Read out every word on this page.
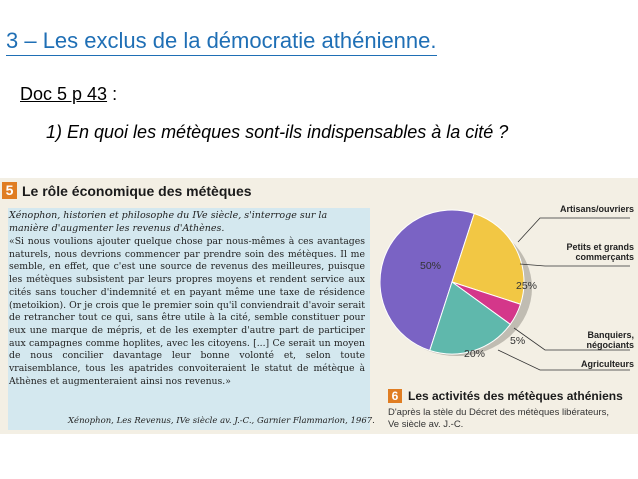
3 – Les exclus de la démocratie athénienne.
Doc 5 p 43 :
1) En quoi les métèques sont-ils indispensables à la cité ?
5 Le rôle économique des métèques

Xénophon, historien et philosophe du IVe siècle, s'interroge sur la manière d'augmenter les revenus d'Athènes.

«Si nous voulions ajouter quelque chose par nous-mêmes à ces avantages naturels, nous devrions commencer par prendre soin des métèques. Il me semble, en effet, que c'est une source de revenus des meilleures, puisque les métèques subsistent par leurs propres moyens et rendent service aux cités sans toucher d'indemnité et en payant même une taxe de résidence (metoikion). Or je crois que le premier soin qu'il conviendrait d'avoir serait de retrancher tout ce qui, sans être utile à la cité, semble constituer pour eux une marque de mépris, et de les exempter d'autre part de participer aux campagnes comme hoplites, avec les citoyens. [...] Ce serait un moyen de nous concilier davantage leur bonne volonté et, selon toute vraisemblance, tous les apatrides convoiteraient le statut de métèque à Athènes et augmenteraient ainsi nos revenus.»

Xénophon, Les Revenus, IVe siècle av. J.-C., Garnier Flammarion, 1967.

Artisans/ouvriers
Petits et grands
commerçants
Banquiers,
négociants
Agriculteurs
50%
25%
5%
20%
6 Les activités des métèques athéniens
D'après la stèle du Décret des métèques libérateurs,
Ve siècle av. J.-C.
